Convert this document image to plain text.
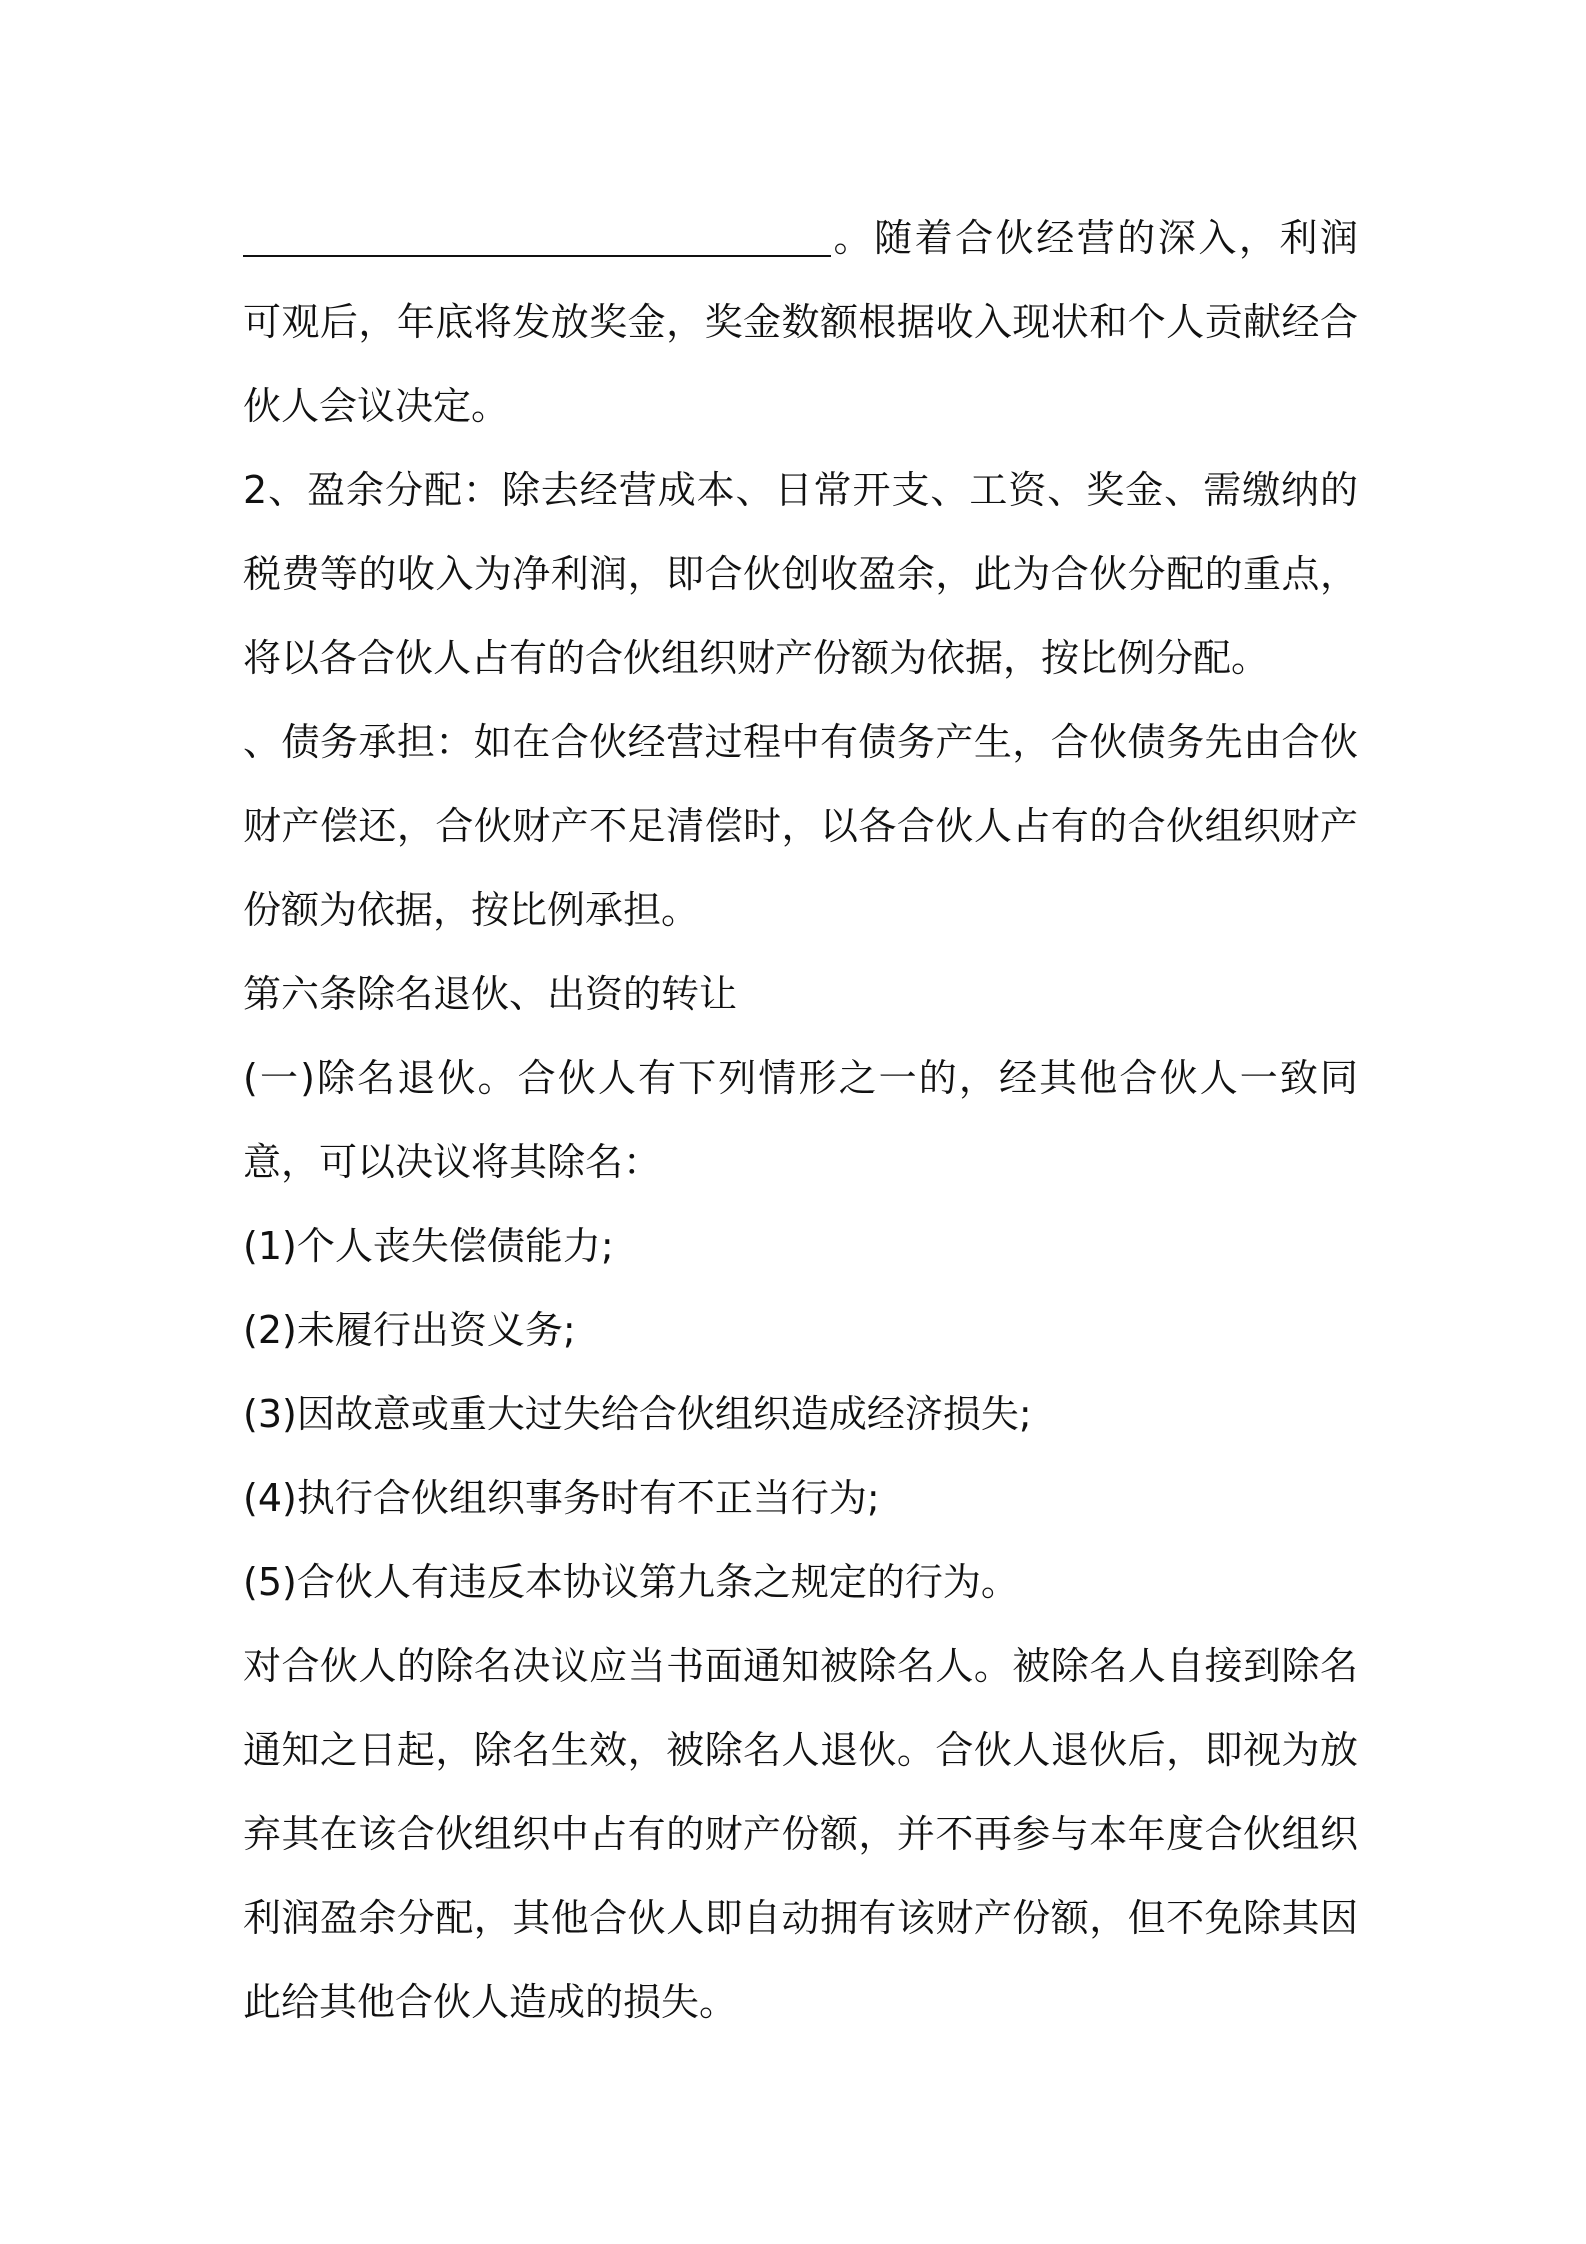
。随着合伙经营的深入，利润可观后，年底将发放奖金，奖金数额根据收入现状和个人贡献经合伙人会议决定。

2、盈余分配：除去经营成本、日常开支、工资、奖金、需缴纳的税费等的收入为净利润，即合伙创收盈余，此为合伙分配的重点，将以各合伙人占有的合伙组织财产份额为依据，按比例分配。

、债务承担：如在合伙经营过程中有债务产生，合伙债务先由合伙财产偿还，合伙财产不足清偿时，以各合伙人占有的合伙组织财产份额为依据，按比例承担。

第六条除名退伙、出资的转让

(一)除名退伙。合伙人有下列情形之一的，经其他合伙人一致同意，可以决议将其除名：

(1)个人丧失偿债能力;

(2)未履行出资义务;

(3)因故意或重大过失给合伙组织造成经济损失;

(4)执行合伙组织事务时有不正当行为;

(5)合伙人有违反本协议第九条之规定的行为。

对合伙人的除名决议应当书面通知被除名人。被除名人自接到除名通知之日起，除名生效，被除名人退伙。合伙人退伙后，即视为放弃其在该合伙组织中占有的财产份额，并不再参与本年度合伙组织利润盈余分配，其他合伙人即自动拥有该财产份额，但不免除其因此给其他合伙人造成的损失。
